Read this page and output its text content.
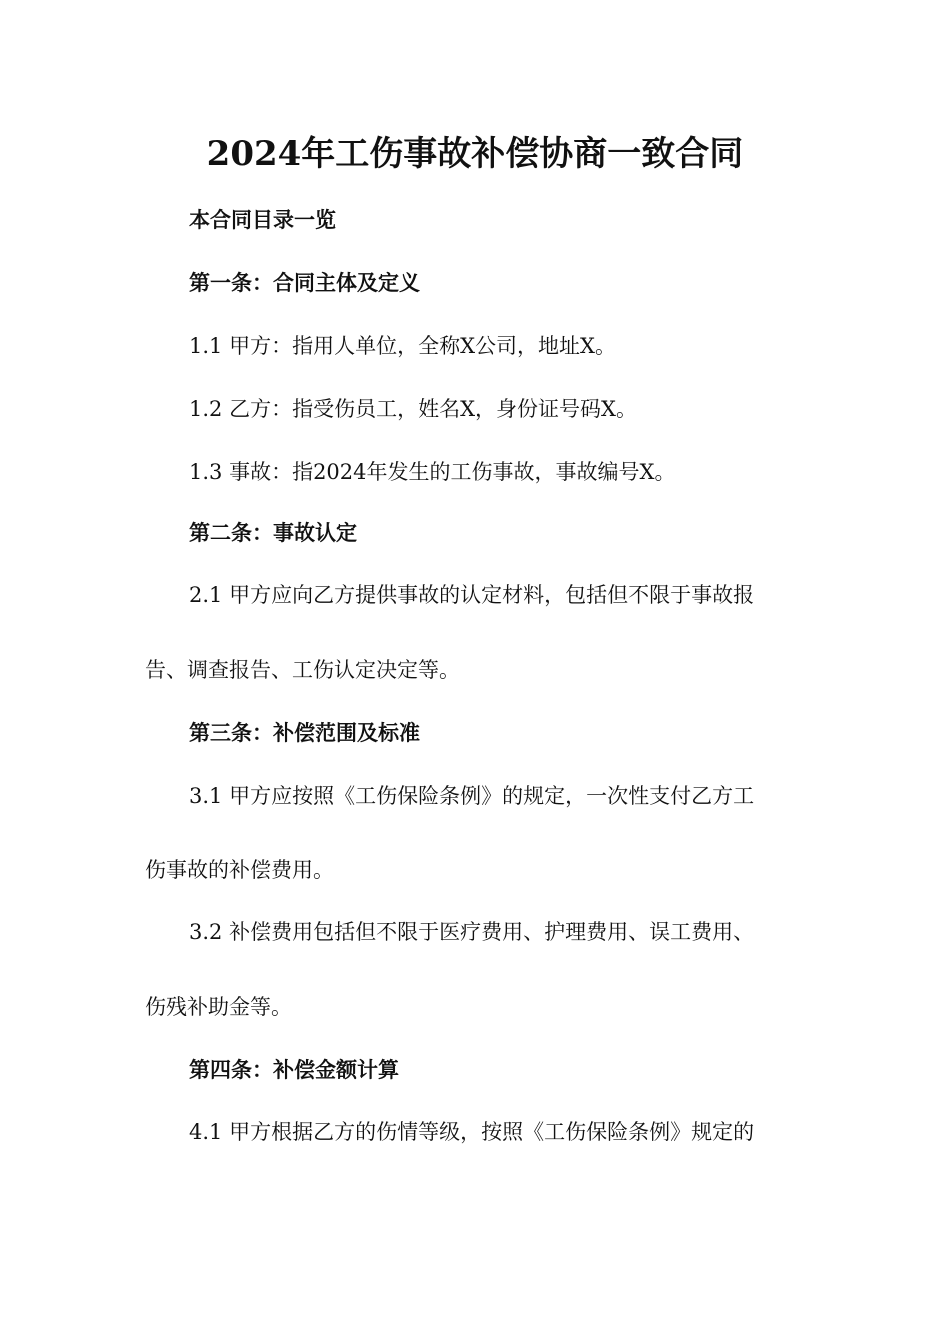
2024年工伤事故补偿协商一致合同
本合同目录一览
第一条：合同主体及定义
1.1 甲方：指用人单位，全称X公司，地址X。
1.2 乙方：指受伤员工，姓名X，身份证号码X。
1.3 事故：指2024年发生的工伤事故，事故编号X。
第二条：事故认定
2.1 甲方应向乙方提供事故的认定材料，包括但不限于事故报
告、调查报告、工伤认定决定等。
第三条：补偿范围及标准
3.1 甲方应按照《工伤保险条例》的规定，一次性支付乙方工
伤事故的补偿费用。
3.2 补偿费用包括但不限于医疗费用、护理费用、误工费用、
伤残补助金等。
第四条：补偿金额计算
4.1 甲方根据乙方的伤情等级，按照《工伤保险条例》规定的
